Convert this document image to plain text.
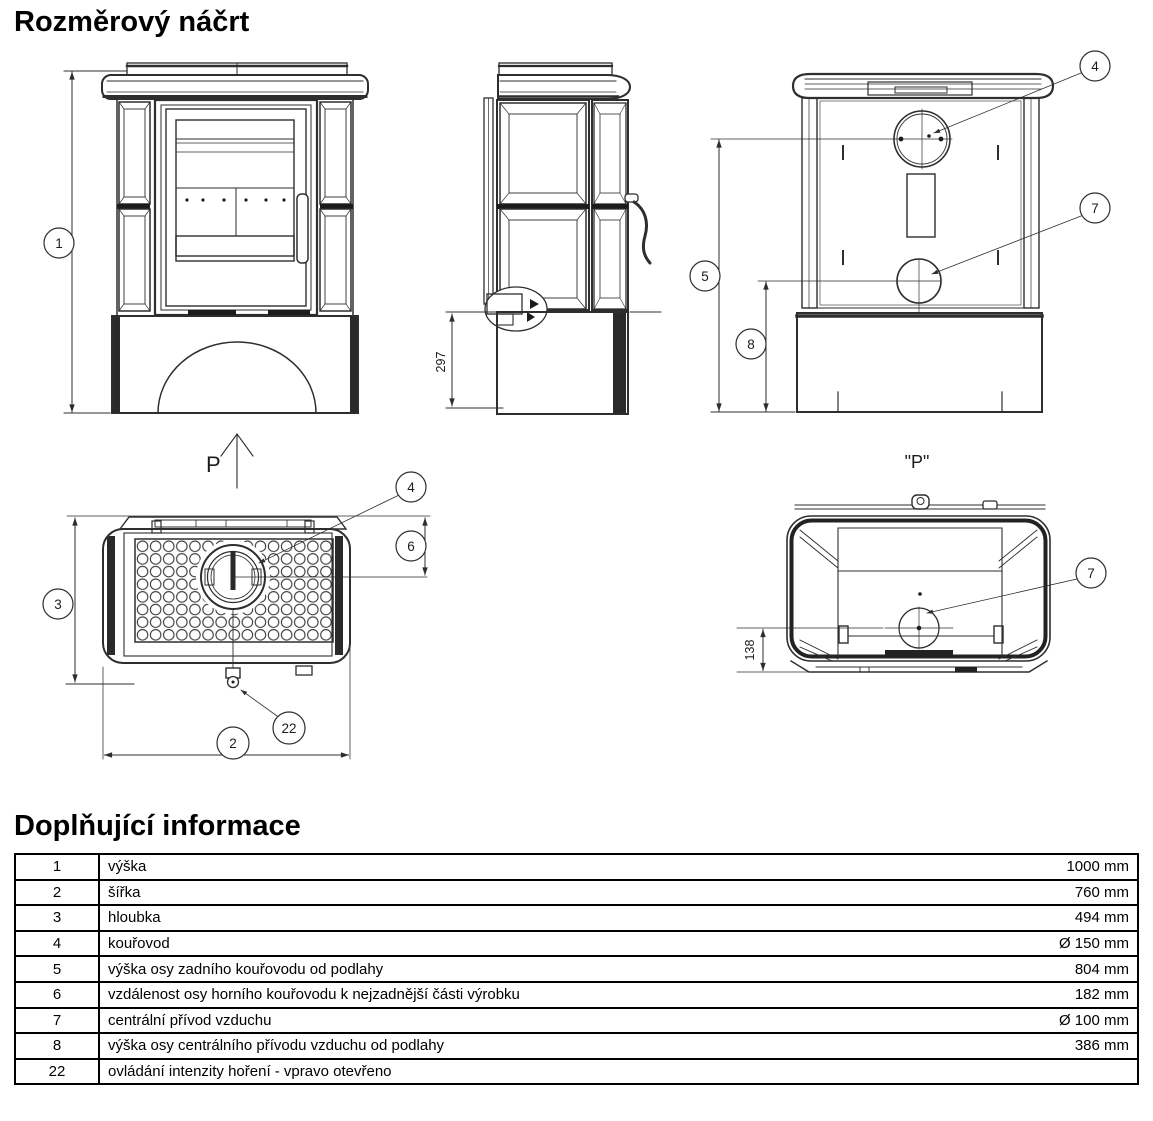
Rozměrový náčrt
1
297
5
8
4
7
P
4
6
3
2
22
"P"
7
138
Doplňující informace
1	výška	1000 mm
2	šířka	760 mm
3	hloubka	494 mm
4	kouřovod	Ø 150 mm
5	výška osy zadního kouřovodu od podlahy	804 mm
6	vzdálenost osy horního kouřovodu k nejzadnější části výrobku	182 mm
7	centrální přívod vzduchu	Ø 100 mm
8	výška osy centrálního přívodu vzduchu od podlahy	386 mm
22	ovládání intenzity hoření - vpravo otevřeno	
